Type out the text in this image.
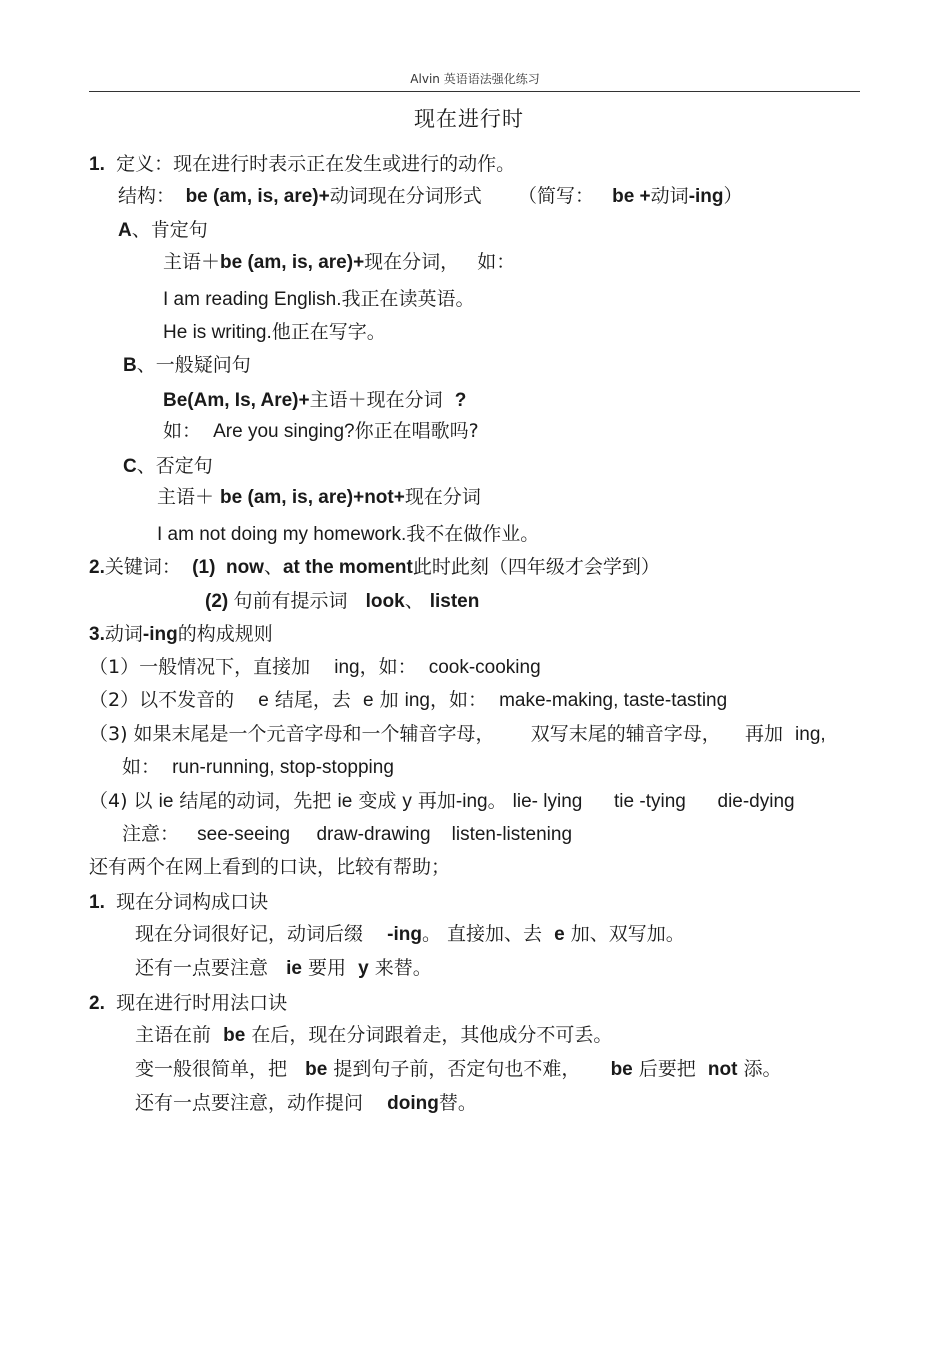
Alvin 英语语法强化练习
现在进行时
1.  定义：现在进行时表示正在发生或进行的动作。
结构：  be (am, is, are)+动词现在分词形式      （简写：   be +动词-ing）
A、肯定句
主语＋be (am, is, are)+现在分词，   如：
I am reading English.我正在读英语。
He is writing.他正在写字。
B、一般疑问句
Be(Am, Is, Are)+主语＋现在分词  ?
如：  Are you singing?你正在唱歌吗?
C、否定句
主语＋ be (am, is, are)+not+现在分词
I am not doing my homework.我不在做作业。
2.关键词：  (1)  now、at the moment此时此刻（四年级才会学到）
(2) 句前有提示词   look、 listen
3.动词-ing的构成规则
（1）一般情况下，直接加    ing，如：  cook-cooking
（2）以不发音的    e 结尾，去  e 加 ing，如：  make-making, taste-tasting
（3) 如果末尾是一个元音字母和一个辅音字母，      双写末尾的辅音字母，    再加  ing,
如：  run-running, stop-stopping
（4) 以 ie 结尾的动词，先把 ie 变成 y 再加-ing。 lie- lying      tie -tying      die-dying
注意：   see-seeing     draw-drawing    listen-listening
还有两个在网上看到的口诀，比较有帮助；
1.  现在分词构成口诀
现在分词很好记，动词后缀    -ing。 直接加、去  e 加、双写加。
还有一点要注意   ie 要用  y 来替。
2.  现在进行时用法口诀
主语在前  be 在后，现在分词跟着走，其他成分不可丢。
变一般很简单，把   be 提到句子前，否定句也不难，     be 后要把  not 添。
还有一点要注意，动作提问    doing替。
